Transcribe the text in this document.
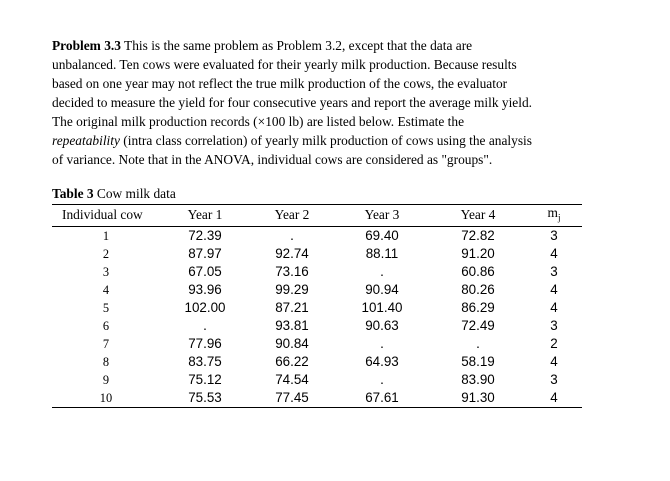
Problem 3.3 This is the same problem as Problem 3.2, except that the data are
unbalanced. Ten cows were evaluated for their yearly milk production. Because results
based on one year may not reflect the true milk production of the cows, the evaluator
decided to measure the yield for four consecutive years and report the average milk yield.
The original milk production records (×100 lb) are listed below. Estimate the
repeatability (intra class correlation) of yearly milk production of cows using the analysis
of variance. Note that in the ANOVA, individual cows are considered as "groups".

Table 3 Cow milk data

Individual cow	Year 1	Year 2	Year 3	Year 4	$m_j$
1	72.39	.	69.40	72.82	3
2	87.97	92.74	88.11	91.20	4
3	67.05	73.16	.	60.86	3
4	93.96	99.29	90.94	80.26	4
5	102.00	87.21	101.40	86.29	4
6	.	93.81	90.63	72.49	3
7	77.96	90.84	.	.	2
8	83.75	66.22	64.93	58.19	4
9	75.12	74.54	.	83.90	3
10	75.53	77.45	67.61	91.30	4
